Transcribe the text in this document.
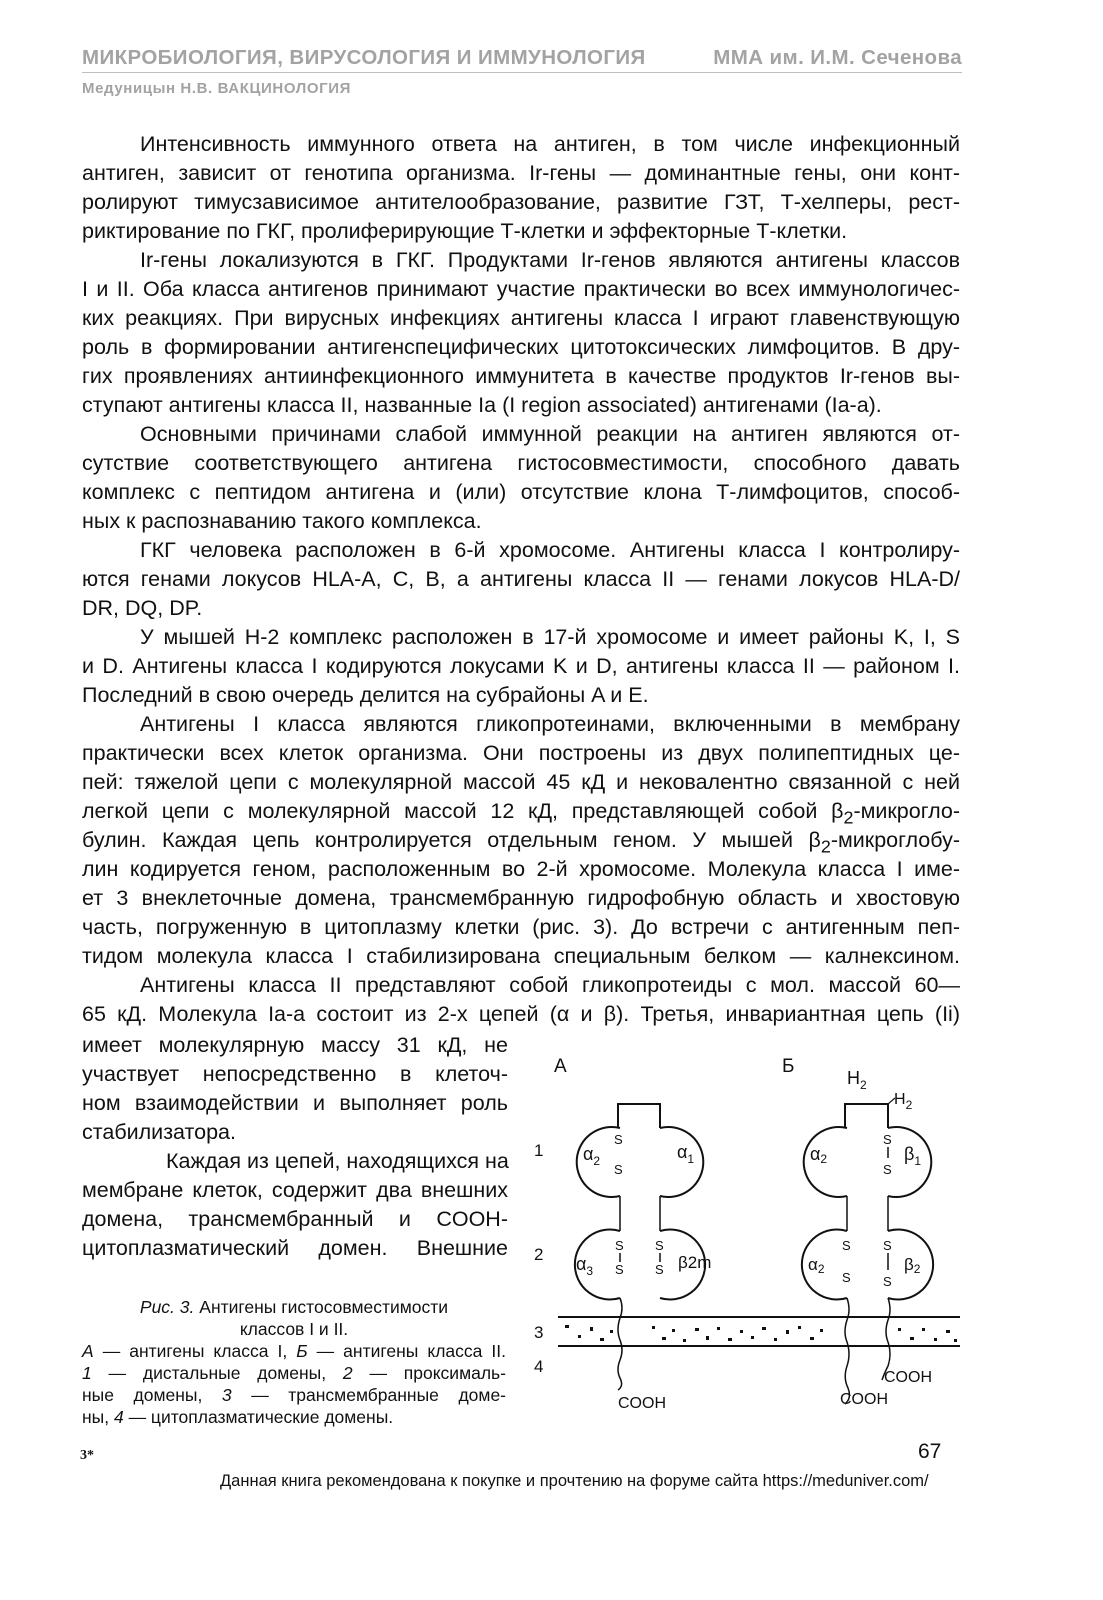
МИКРОБИОЛОГИЯ, ВИРУСОЛОГИЯ И ИММУНОЛОГИЯ	ММА им. И.М. Сеченова
Медуницын Н.В. ВАКЦИНОЛОГИЯ
Интенсивность иммунного ответа на антиген, в том числе инфекционный
антиген, зависит от генотипа организма. Ir-гены — доминантные гены, они конт-
ролируют тимусзависимое антителообразование, развитие ГЗТ, Т-хелперы, рест-
риктирование по ГКГ, пролиферирующие Т-клетки и эффекторные Т-клетки.
Ir-гены локализуются в ГКГ. Продуктами Ir-генов являются антигены классов
I и II. Оба класса антигенов принимают участие практически во всех иммунологичес-
ких реакциях. При вирусных инфекциях антигены класса I играют главенствующую
роль в формировании антигенспецифических цитотоксических лимфоцитов. В дру-
гих проявлениях антиинфекционного иммунитета в качестве продуктов Ir-генов вы-
ступают антигены класса II, названные Ia (I region associated) антигенами (Ia-a).
Основными причинами слабой иммунной реакции на антиген являются от-
сутствие соответствующего антигена гистосовместимости, способного давать
комплекс с пептидом антигена и (или) отсутствие клона Т-лимфоцитов, способ-
ных к распознаванию такого комплекса.
ГКГ человека расположен в 6-й хромосоме. Антигены класса I контролиру-
ются генами локусов HLA-A, C, B, а антигены класса II — генами локусов HLA-D/
DR, DQ, DP.
У мышей H-2 комплекс расположен в 17-й хромосоме и имеет районы K, I, S
и D. Антигены класса I кодируются локусами K и D, антигены класса II — районом I.
Последний в свою очередь делится на субрайоны A и E.
Антигены I класса являются гликопротеинами, включенными в мембрану
практически всех клеток организма. Они построены из двух полипептидных це-
пей: тяжелой цепи с молекулярной массой 45 кД и нековалентно связанной с ней
легкой цепи с молекулярной массой 12 кД, представляющей собой $\beta_2-микрогло-$
булин. Каждая цепь контролируется отдельным геном. У мышей $\beta_2-микроглобу-$
лин кодируется геном, расположенным во 2-й хромосоме. Молекула класса I име-
ет 3 внеклеточные домена, трансмембранную гидрофобную область и хвостовую
часть, погруженную в цитоплазму клетки (рис. 3). До встречи с антигенным пеп-
тидом молекула класса I стабилизирована специальным белком — калнексином.
Антигены класса II представляют собой гликопротеиды с мол. массой 60—
65 кД. Молекула Ia-a состоит из 2-х цепей (α и β). Третья, инвариантная цепь (Ii)
имеет молекулярную массу 31 кД, не
участвует непосредственно в клеточ-
ном взаимодействии и выполняет роль
стабилизатора.
Каждая из цепей, находящихся на
мембране клеток, содержит два внешних
домена, трансмембранный и COOH-
цитоплазматический домен. Внешние
Рис. 3. Антигены гистосовместимости
классов I и II.
А — антигены класса I, Б — антигены класса II.
1 — дистальные домены, 2 — проксималь-
ные домены, 3 — трансмембранные доме-
ны, 4 — цитоплазматические домены.
А
$\alpha_2$	$\alpha_1$
S
S
$\alpha_3$	β2m
S
S
S
S
COOH
Б
$H_2$
$H_2$
α2	$\beta_1$
S
S
α2	β2
S
S
S
S
COOH
COOH
1
2
3
4
3*	67
Данная книга рекомендована к покупке и прочтению на форуме сайта https://meduniver.com/
